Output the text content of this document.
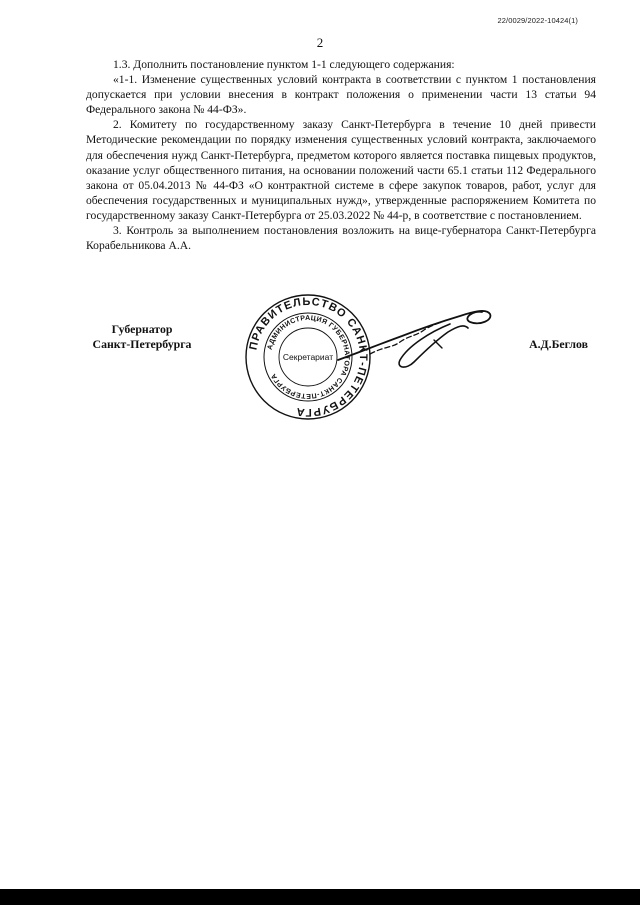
22/0029/2022-10424(1)
2

1.3. Дополнить постановление пунктом 1-1 следующего содержания:

«1-1. Изменение существенных условий контракта в соответствии с пунктом 1 постановления допускается при условии внесения в контракт положения о применении части 13 статьи 94 Федерального закона № 44-ФЗ».

2. Комитету по государственному заказу Санкт-Петербурга в течение 10 дней привести Методические рекомендации по порядку изменения существенных условий контракта, заключаемого для обеспечения нужд Санкт-Петербурга, предметом которого является поставка пищевых продуктов, оказание услуг общественного питания, на основании положений части 65.1 статьи 112 Федерального закона от 05.04.2013 № 44-ФЗ «О контрактной системе в сфере закупок товаров, работ, услуг для обеспечения государственных и муниципальных нужд», утвержденные распоряжением Комитета по государственному заказу Санкт-Петербурга от 25.03.2022 № 44-р, в соответствие с постановлением.

3. Контроль за выполнением постановления возложить на вице-губернатора Санкт-Петербурга Корабельникова А.А.

Губернатор
Санкт-Петербурга	ПРАВИТЕЛЬСТВО САНКТ-ПЕТЕРБУРГА
АДМИНИСТРАЦИЯ ГУБЕРНАТОРА САНКТ-ПЕТЕРБУРГА
Секретариат
А.Д.Беглов
